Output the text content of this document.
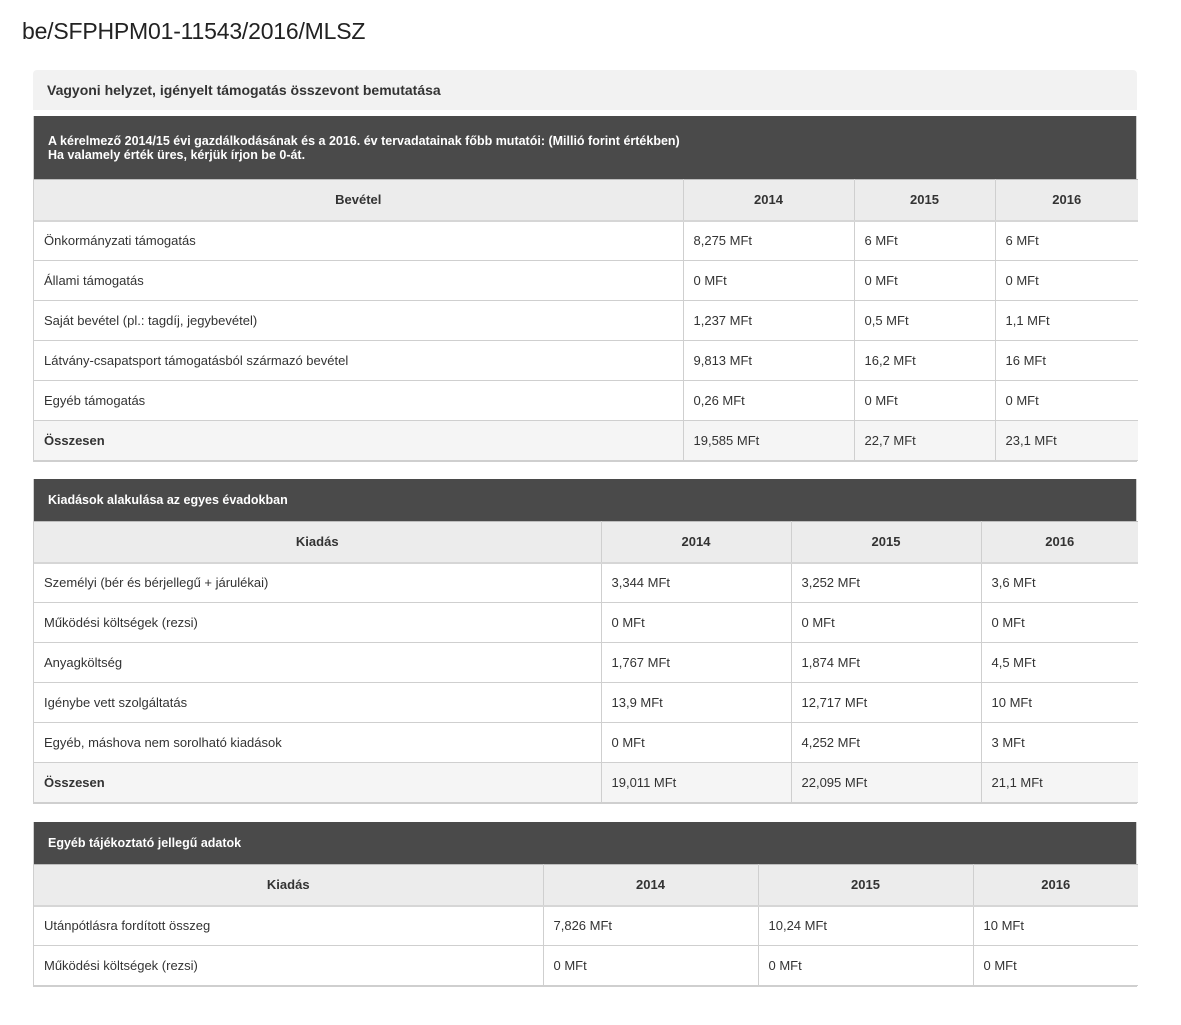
be/SFPHPM01-11543/2016/MLSZ
Vagyoni helyzet, igényelt támogatás összevont bemutatása
A kérelmező 2014/15 évi gazdálkodásának és a 2016. év tervadatainak főbb mutatói: (Millió forint értékben)
Ha valamely érték üres, kérjük írjon be 0-át.
Bevétel	2014	2015	2016
Önkormányzati támogatás	8,275 MFt	6 MFt	6 MFt
Állami támogatás	0 MFt	0 MFt	0 MFt
Saját bevétel (pl.: tagdíj, jegybevétel)	1,237 MFt	0,5 MFt	1,1 MFt
Látvány-csapatsport támogatásból származó bevétel	9,813 MFt	16,2 MFt	16 MFt
Egyéb támogatás	0,26 MFt	0 MFt	0 MFt
Összesen	19,585 MFt	22,7 MFt	23,1 MFt
Kiadások alakulása az egyes évadokban
Kiadás	2014	2015	2016
Személyi (bér és bérjellegű + járulékai)	3,344 MFt	3,252 MFt	3,6 MFt
Működési költségek (rezsi)	0 MFt	0 MFt	0 MFt
Anyagköltség	1,767 MFt	1,874 MFt	4,5 MFt
Igénybe vett szolgáltatás	13,9 MFt	12,717 MFt	10 MFt
Egyéb, máshova nem sorolható kiadások	0 MFt	4,252 MFt	3 MFt
Összesen	19,011 MFt	22,095 MFt	21,1 MFt
Egyéb tájékoztató jellegű adatok
Kiadás	2014	2015	2016
Utánpótlásra fordított összeg	7,826 MFt	10,24 MFt	10 MFt
Működési költségek (rezsi)	0 MFt	0 MFt	0 MFt
